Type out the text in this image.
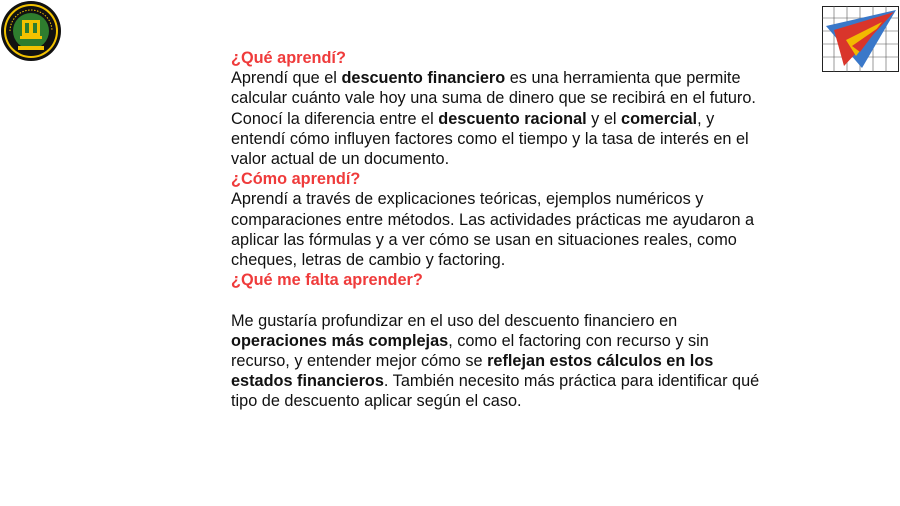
¿Qué aprendí?

Aprendí que el descuento financiero es una herramienta que permite calcular cuánto vale hoy una suma de dinero que se recibirá en el futuro. Conocí la diferencia entre el descuento racional y el comercial, y entendí cómo influyen factores como el tiempo y la tasa de interés en el valor actual de un documento.

¿Cómo aprendí?

Aprendí a través de explicaciones teóricas, ejemplos numéricos y comparaciones entre métodos. Las actividades prácticas me ayudaron a aplicar las fórmulas y a ver cómo se usan en situaciones reales, como cheques, letras de cambio y factoring.

¿Qué me falta aprender?

Me gustaría profundizar en el uso del descuento financiero en operaciones más complejas, como el factoring con recurso y sin recurso, y entender mejor cómo se reflejan estos cálculos en los estados financieros. También necesito más práctica para identificar qué tipo de descuento aplicar según el caso.
